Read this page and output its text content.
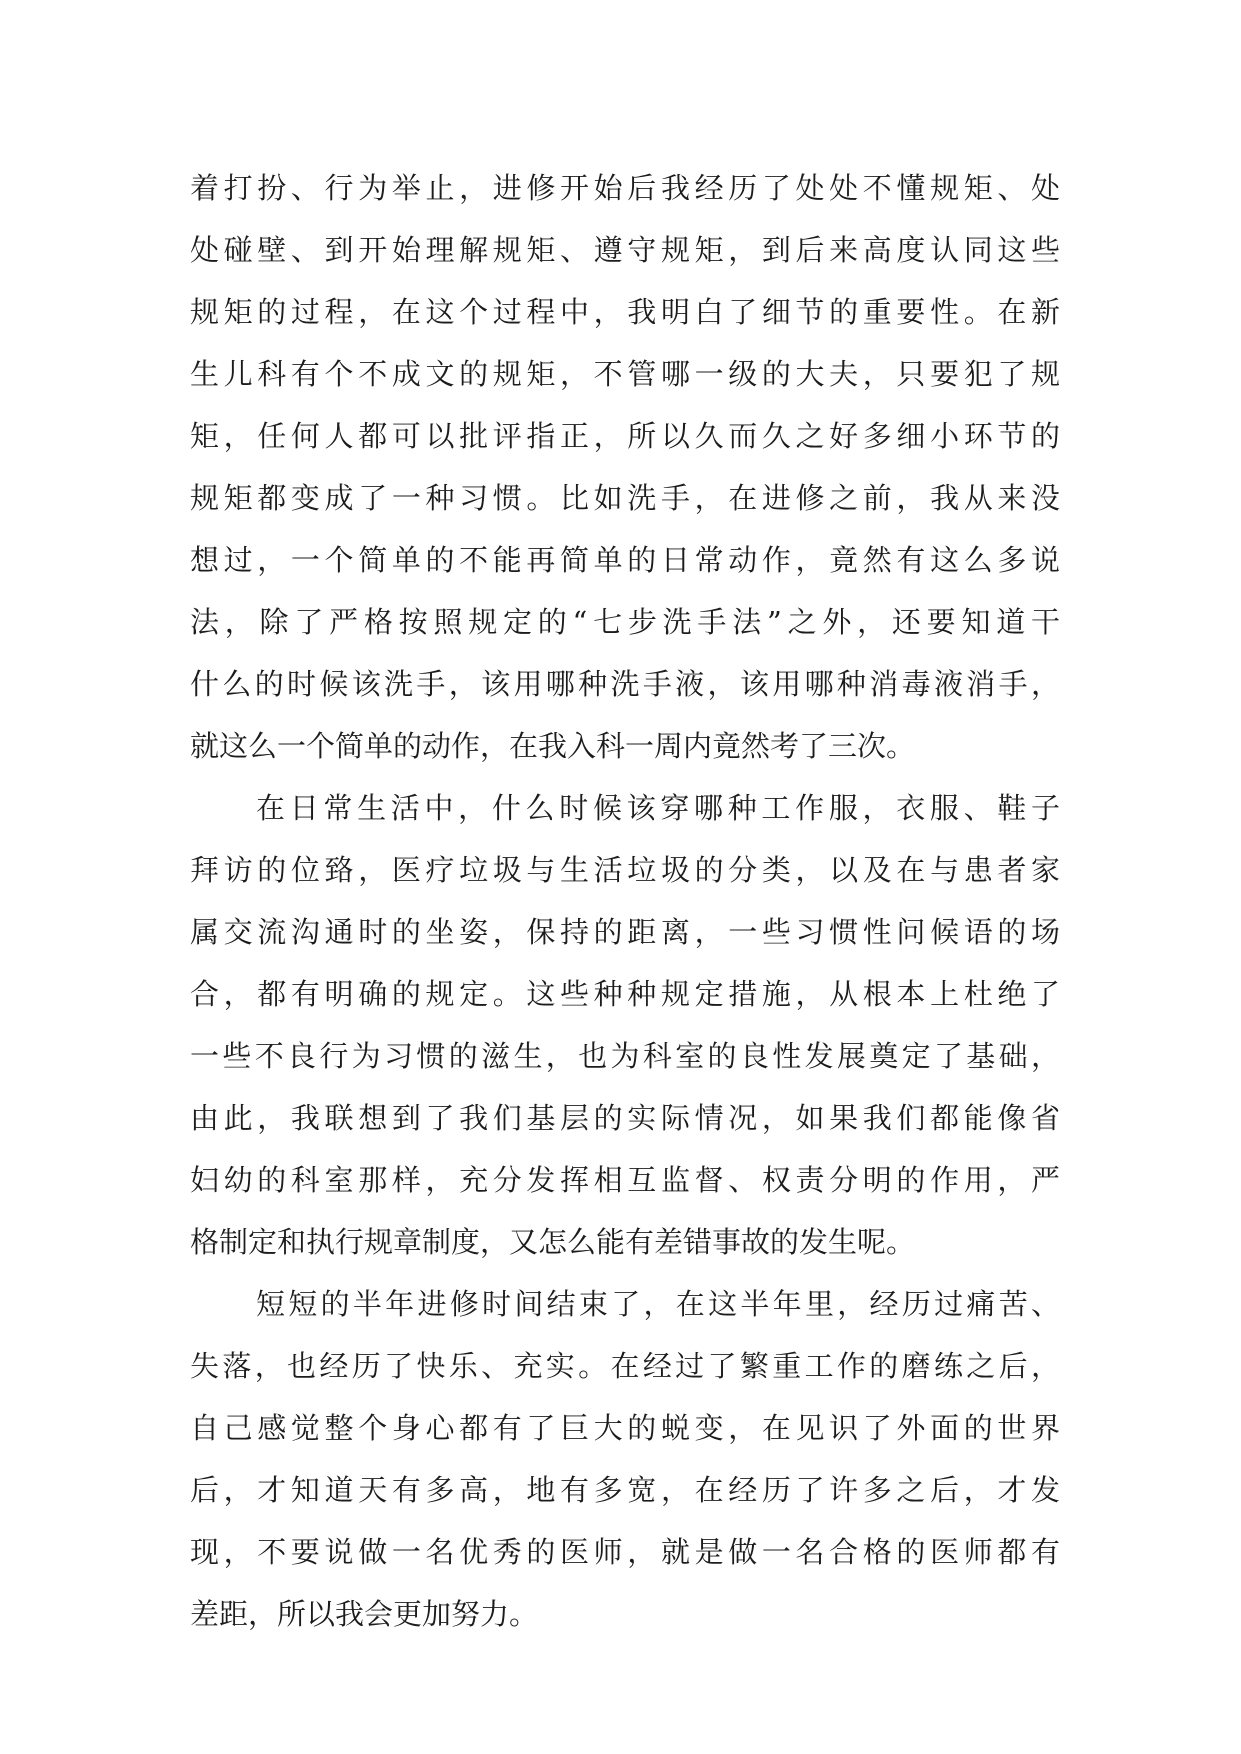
着打扮、行为举止，进修开始后我经历了处处不懂规矩、处
处碰壁、到开始理解规矩、遵守规矩，到后来高度认同这些
规矩的过程，在这个过程中，我明白了细节的重要性。在新
生儿科有个不成文的规矩，不管哪一级的大夫，只要犯了规
矩，任何人都可以批评指正，所以久而久之好多细小环节的
规矩都变成了一种习惯。比如洗手，在进修之前，我从来没
想过，一个简单的不能再简单的日常动作，竟然有这么多说
法，除了严格按照规定的“七步洗手法”之外，还要知道干
什么的时候该洗手，该用哪种洗手液，该用哪种消毒液消手，
就这么一个简单的动作，在我入科一周内竟然考了三次。
在日常生活中，什么时候该穿哪种工作服，衣服、鞋子
拜访的位臵，医疗垃圾与生活垃圾的分类，以及在与患者家
属交流沟通时的坐姿，保持的距离，一些习惯性问候语的场
合，都有明确的规定。这些种种规定措施，从根本上杜绝了
一些不良行为习惯的滋生，也为科室的良性发展奠定了基础，
由此，我联想到了我们基层的实际情况，如果我们都能像省
妇幼的科室那样，充分发挥相互监督、权责分明的作用，严
格制定和执行规章制度，又怎么能有差错事故的发生呢。
短短的半年进修时间结束了，在这半年里，经历过痛苦、
失落，也经历了快乐、充实。在经过了繁重工作的磨练之后，
自己感觉整个身心都有了巨大的蜕变，在见识了外面的世界
后，才知道天有多高，地有多宽，在经历了许多之后，才发
现，不要说做一名优秀的医师，就是做一名合格的医师都有
差距，所以我会更加努力。
